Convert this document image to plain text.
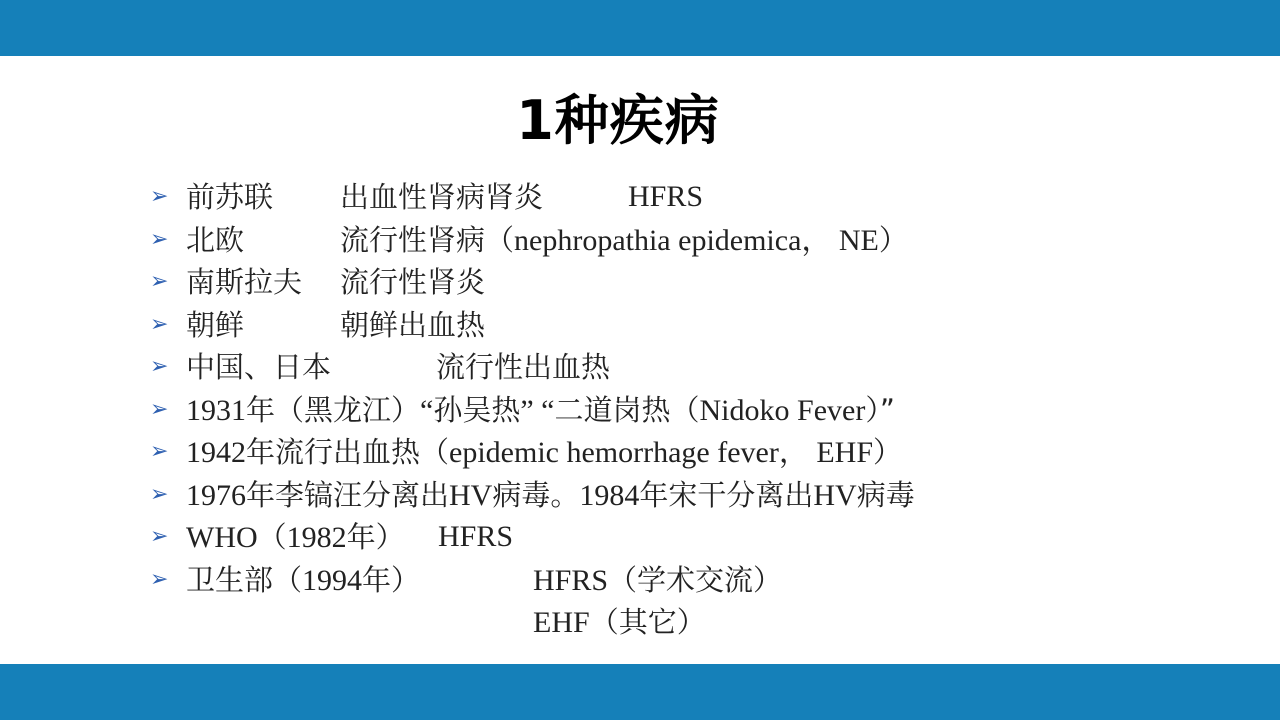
1种疾病
➢ 前苏联 出血性肾病肾炎	HFRS
➢ 北欧	流行性肾病（nephropathia epidemica， NE）
➢ 南斯拉夫 流行性肾炎
➢ 朝鲜	朝鲜出血热
➢ 中国、日本	流行性出血热
➢ 1931年（黑龙江）“孙吴热” “二道岗热（Nidoko Fever）”
➢ 1942年流行出血热（epidemic hemorrhage fever， EHF）
➢ 1976年李镐汪分离出HV病毒。1984年宋干分离出HV病毒
➢ WHO（1982年） HFRS
➢ 卫生部（1994年）	HFRS（学术交流）
EHF（其它）
